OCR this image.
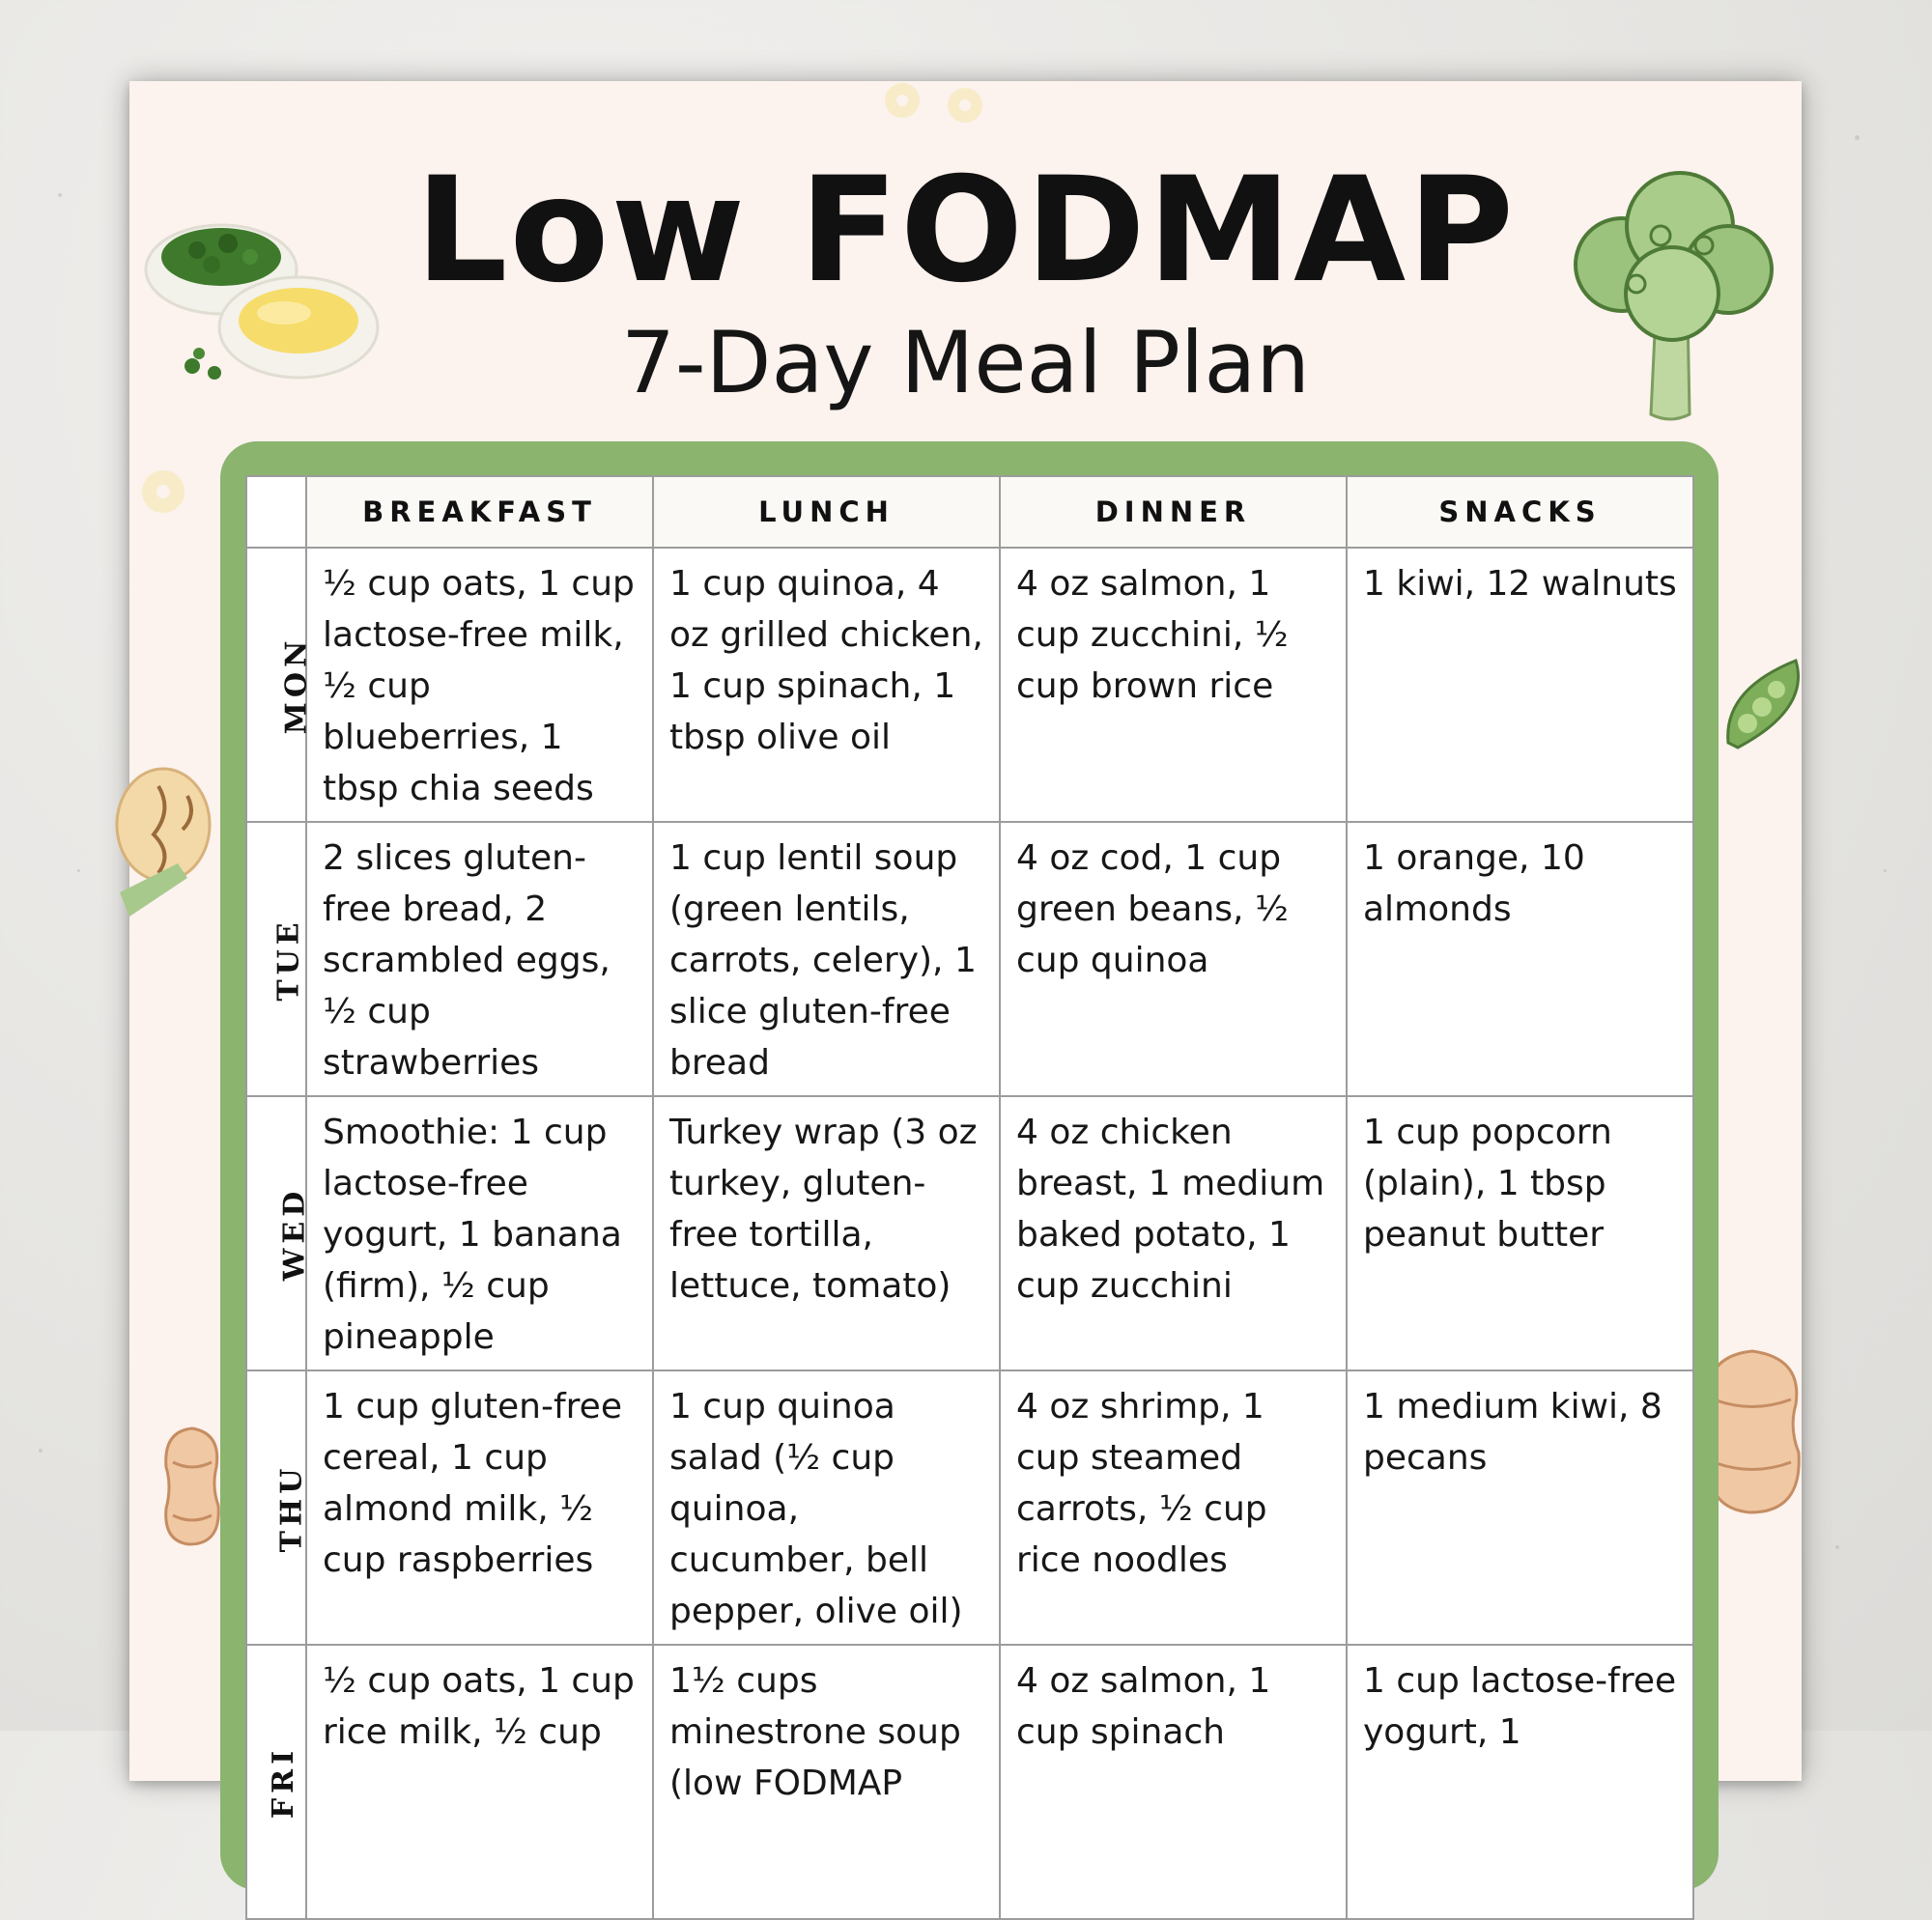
Low FODMAP
7-Day Meal Plan
	BREAKFAST	LUNCH	DINNER	SNACKS
MON	½ cup oats, 1 cup lactose-free milk, ½ cup blueberries, 1 tbsp chia seeds	1 cup quinoa, 4 oz grilled chicken, 1 cup spinach, 1 tbsp olive oil	4 oz salmon, 1 cup zucchini, ½ cup brown rice	1 kiwi, 12 walnuts
TUE	2 slices gluten-free bread, 2 scrambled eggs, ½ cup strawberries	1 cup lentil soup (green lentils, carrots, celery), 1 slice gluten-free bread	4 oz cod, 1 cup green beans, ½ cup quinoa	1 orange, 10 almonds
WED	Smoothie: 1 cup lactose-free yogurt, 1 banana (firm), ½ cup pineapple	Turkey wrap (3 oz turkey, gluten-free tortilla, lettuce, tomato)	4 oz chicken breast, 1 medium baked potato, 1 cup zucchini	1 cup popcorn (plain), 1 tbsp peanut butter
THU	1 cup gluten-free cereal, 1 cup almond milk, ½ cup raspberries	1 cup quinoa salad (½ cup quinoa, cucumber, bell pepper, olive oil)	4 oz shrimp, 1 cup steamed carrots, ½ cup rice noodles	1 medium kiwi, 8 pecans
FRI	½ cup oats, 1 cup rice milk, ½ cup	1½ cups minestrone soup (low FODMAP	4 oz salmon, 1 cup spinach	1 cup lactose-free yogurt, 1
